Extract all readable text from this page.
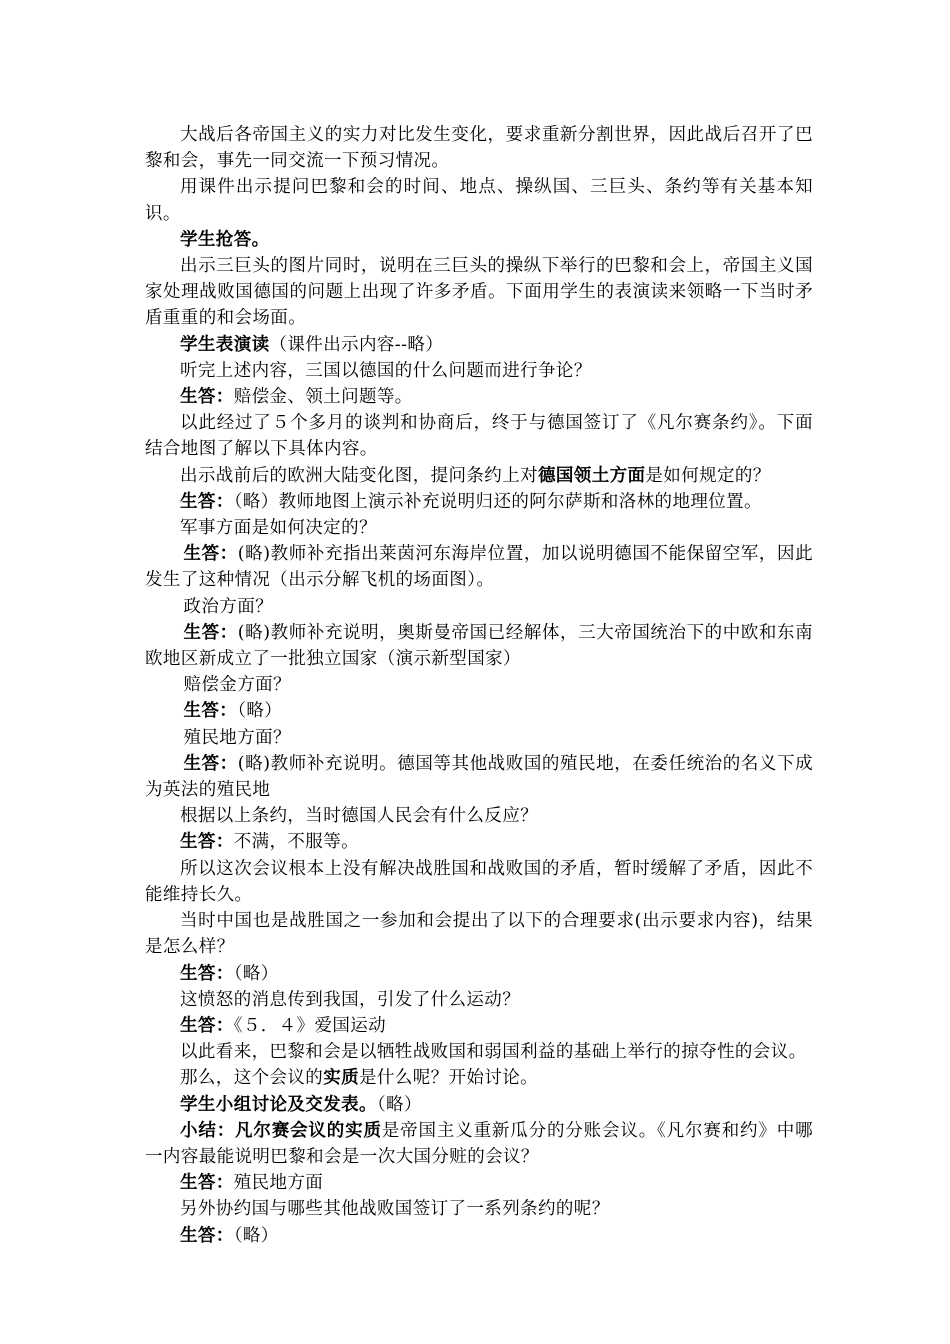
大战后各帝国主义的实力对比发生变化，要求重新分割世界，因此战后召开了巴黎和会，事先一同交流一下预习情况。

用课件出示提问巴黎和会的时间、地点、操纵国、三巨头、条约等有关基本知识。

学生抢答。

出示三巨头的图片同时，说明在三巨头的操纵下举行的巴黎和会上，帝国主义国家处理战败国德国的问题上出现了许多矛盾。下面用学生的表演读来领略一下当时矛盾重重的和会场面。

学生表演读（课件出示内容--略）

听完上述内容，三国以德国的什么问题而进行争论？

生答：赔偿金、领土问题等。

以此经过了５个多月的谈判和协商后，终于与德国签订了《凡尔赛条约》。下面结合地图了解以下具体内容。

出示战前后的欧洲大陆变化图，提问条约上对德国领土方面是如何规定的？

生答：（略）教师地图上演示补充说明归还的阿尔萨斯和洛林的地理位置。

军事方面是如何决定的？

生答：(略)教师补充指出莱茵河东海岸位置，加以说明德国不能保留空军，因此发生了这种情况（出示分解飞机的场面图）。

政治方面？

生答：(略)教师补充说明，奥斯曼帝国已经解体，三大帝国统治下的中欧和东南欧地区新成立了一批独立国家（演示新型国家）

赔偿金方面？

生答：（略）

殖民地方面？

生答：(略)教师补充说明。德国等其他战败国的殖民地，在委任统治的名义下成为英法的殖民地

根据以上条约，当时德国人民会有什么反应？

生答：不满，不服等。

所以这次会议根本上没有解决战胜国和战败国的矛盾，暂时缓解了矛盾，因此不能维持长久。

当时中国也是战胜国之一参加和会提出了以下的合理要求(出示要求内容)，结果是怎么样？

生答：（略）

这愤怒的消息传到我国，引发了什么运动？

生答：《５．４》爱国运动

以此看来，巴黎和会是以牺牲战败国和弱国利益的基础上举行的掠夺性的会议。

那么，这个会议的实质是什么呢？开始讨论。

学生小组讨论及交发表。（略）

小结：凡尔赛会议的实质是帝国主义重新瓜分的分账会议。《凡尔赛和约》中哪一内容最能说明巴黎和会是一次大国分赃的会议？

生答：殖民地方面

另外协约国与哪些其他战败国签订了一系列条约的呢？

生答：（略）
